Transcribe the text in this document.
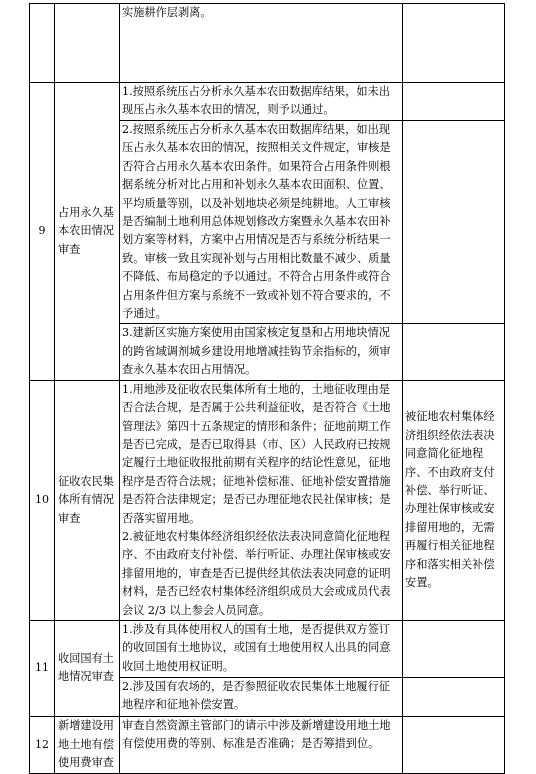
		实施耕作层剥离。	
9	占用永久基本农田情况审查	1.按照系统压占分析永久基本农田数据库结果，如未出现压占永久基本农田的情况，则予以通过。	
		2.按照系统压占分析永久基本农田数据库结果，如出现压占永久基本农田的情况，按照相关文件规定，审核是否符合占用永久基本农田条件。如果符合占用条件则根据系统分析对比占用和补划永久基本农田面积、位置、平均质量等别，以及补划地块必须是纯耕地。人工审核是否编制土地利用总体规划修改方案暨永久基本农田补划方案等材料，方案中占用情况是否与系统分析结果一致。审核一致且实现补划与占用相比数量不减少、质量不降低、布局稳定的予以通过。不符合占用条件或符合占用条件但方案与系统不一致或补划不符合要求的，不予通过。	
		3.建新区实施方案使用由国家核定复垦和占用地块情况的跨省域调剂城乡建设用地增减挂钩节余指标的，须审查永久基本农田占用情况。	
10	征收农民集体所有情况审查	1.用地涉及征收农民集体所有土地的，土地征收理由是否合法合规，是否属于公共利益征收，是否符合《土地管理法》第四十五条规定的情形和条件；征地前期工作是否已完成，是否已取得县（市、区）人民政府已按规定履行土地征收报批前期有关程序的结论性意见，征地程序是否符合法规；征地补偿标准、征地补偿安置措施是否符合法律规定；是否已办理征地农民社保审核；是否落实留用地。
2.被征地农村集体经济组织经依法表决同意简化征地程序、不由政府支付补偿、举行听证、办理社保审核或安排留用地的，审查是否已提供经其依法表决同意的证明材料，是否已经农村集体经济组织成员大会或成员代表会议 2/3 以上参会人员同意。	被征地农村集体经济组织经依法表决同意简化征地程序、不由政府支付补偿、举行听证、办理社保审核或安排留用地的，无需再履行相关征地程序和落实相关补偿安置。
11	收回国有土地情况审查	1.涉及有具体使用权人的国有土地，是否提供双方签订的收回国有土地协议，或国有土地使用权人出具的同意收回土地使用权证明。	
		2.涉及国有农场的，是否参照征收农民集体土地履行征地程序和征地补偿安置。	
12	新增建设用地土地有偿使用费审查	审查自然资源主管部门的请示中涉及新增建设用地土地有偿使用费的等别、标准是否准确；是否筹措到位。	
